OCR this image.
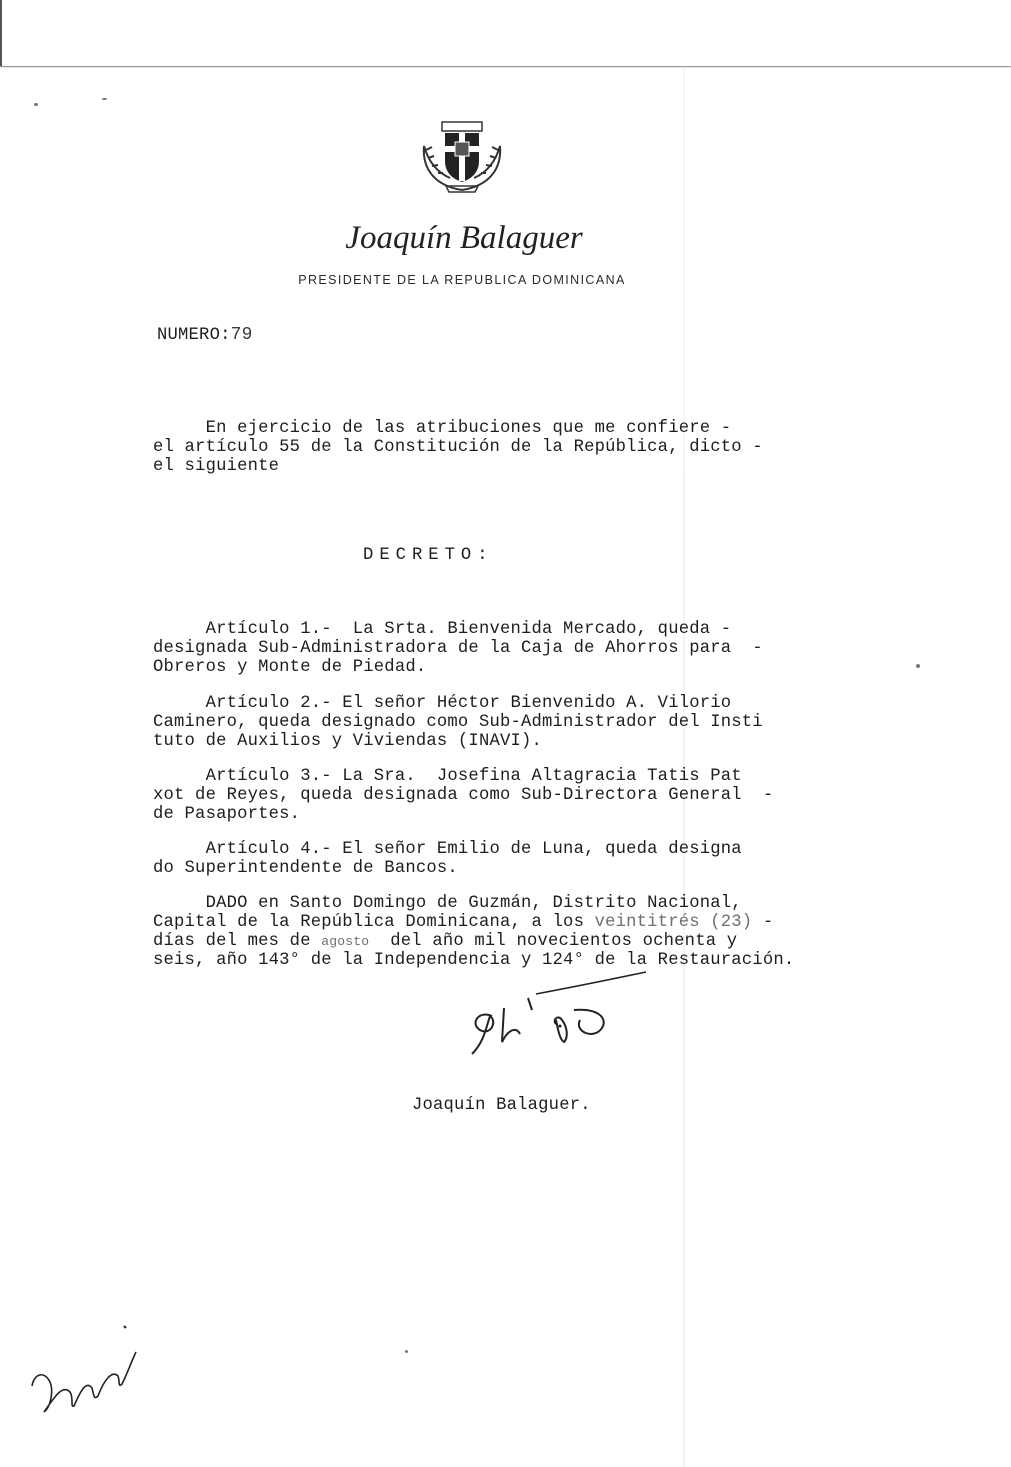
Joaquín Balaguer
PRESIDENTE DE LA REPUBLICA DOMINICANA
NUMERO:79
En ejercicio de las atribuciones que me confiere -
el artículo 55 de la Constitución de la República, dicto -
el siguiente
DECRETO:
Artículo 1.-  La Srta. Bienvenida Mercado, queda -
designada Sub-Administradora de la Caja de Ahorros para  -
Obreros y Monte de Piedad.
Artículo 2.- El señor Héctor Bienvenido A. Vilorio
Caminero, queda designado como Sub-Administrador del Insti
tuto de Auxilios y Viviendas (INAVI).
Artículo 3.- La Sra.  Josefina Altagracia Tatis Pat
xot de Reyes, queda designada como Sub-Directora General  -
de Pasaportes.
Artículo 4.- El señor Emilio de Luna, queda designa
do Superintendente de Bancos.
DADO en Santo Domingo de Guzmán, Distrito Nacional,
Capital de la República Dominicana, a los veintitrés (23) -
días del mes de agosto  del año mil novecientos ochenta y
seis, año 143° de la Independencia y 124° de la Restauración.
Joaquín Balaguer.
